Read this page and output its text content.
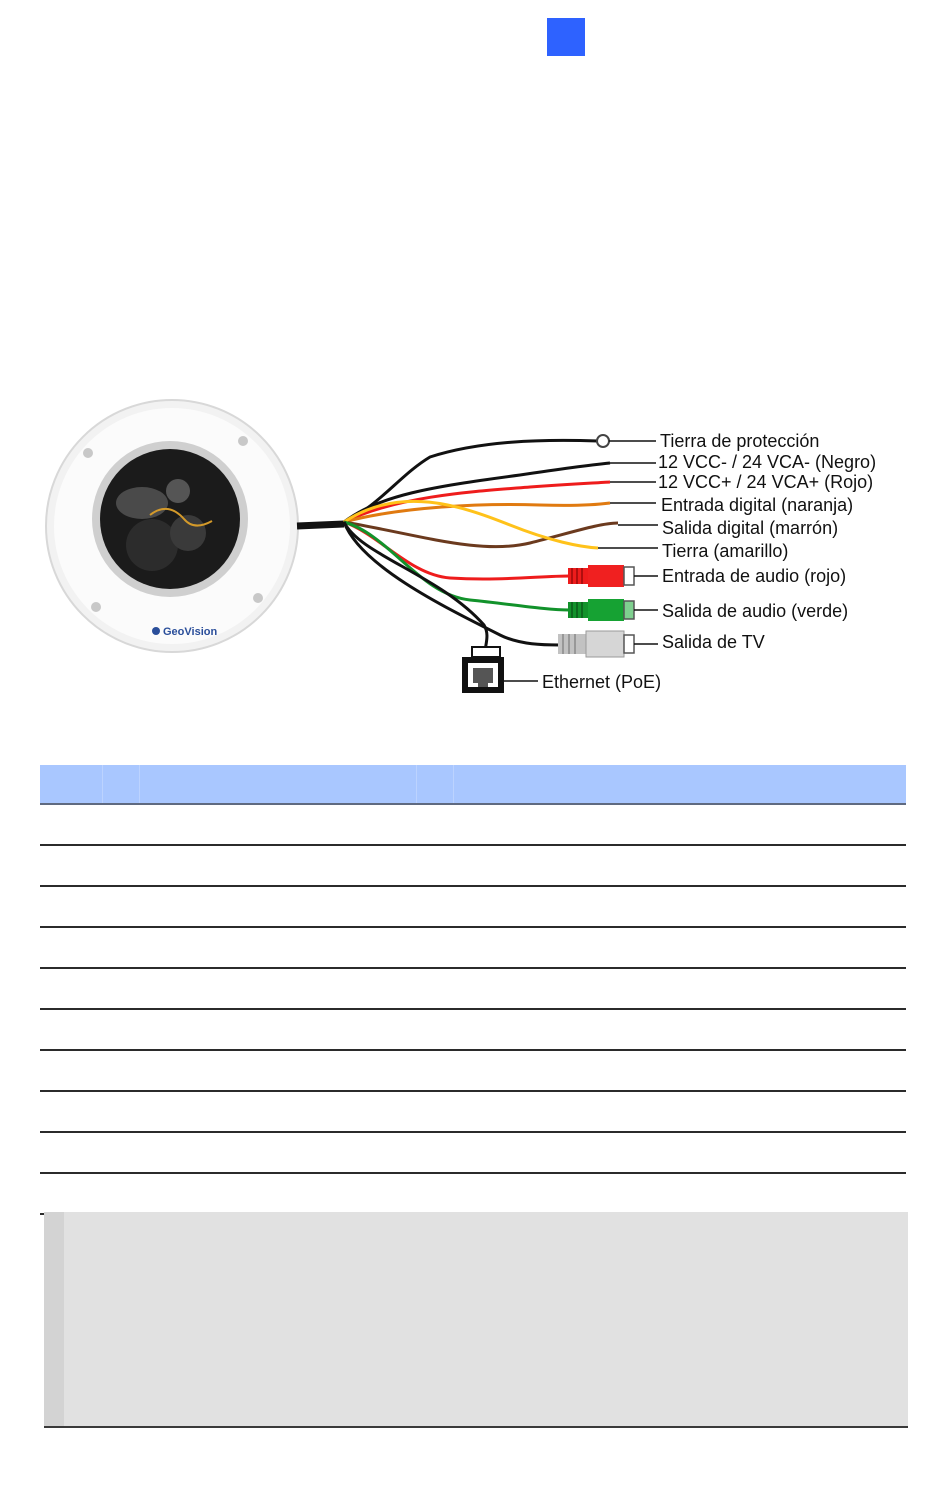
GeoVision
Tierra de protección
12 VCC- / 24 VCA- (Negro)
12 VCC+ / 24 VCA+ (Rojo)
Entrada digital (naranja)
Salida digital (marrón)
Tierra (amarillo)
Entrada de audio (rojo)
Salida de audio (verde)
Salida de TV
Ethernet (PoE)
